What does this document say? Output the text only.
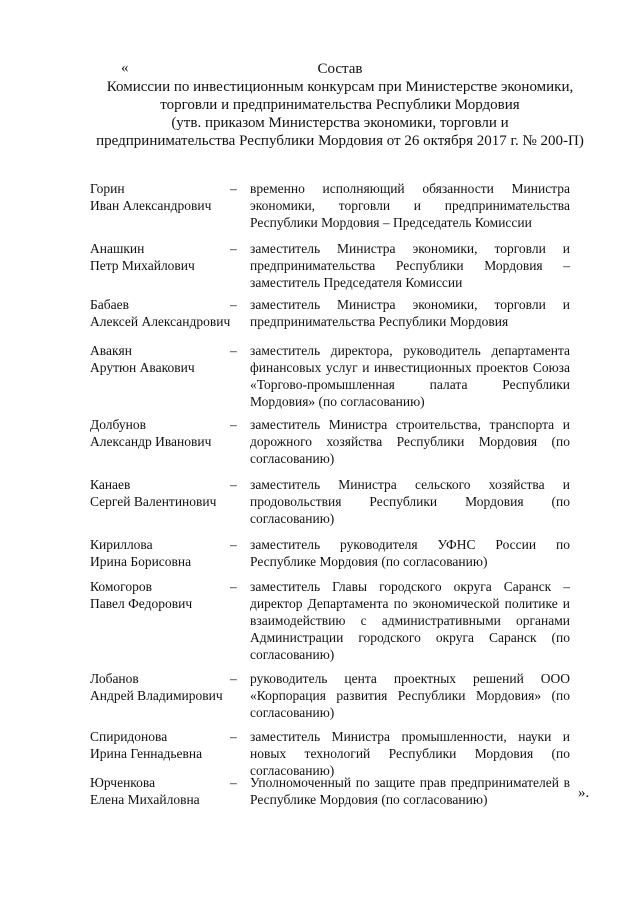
«	Состав
Комиссии по инвестиционным конкурсам при Министерстве экономики,
торговли и предпринимательства Республики Мордовия
(утв. приказом Министерства экономики, торговли и
предпринимательства Республики Мордовия от 26 октября 2017 г. № 200-П)
Горин
Иван Александрович
– временно исполняющий обязанности Министра экономики, торговли и предпринимательства Республики Мордовия – Председатель Комиссии
Анашкин
Петр Михайлович
– заместитель Министра экономики, торговли и предпринимательства Республики Мордовия – заместитель Председателя Комиссии
Бабаев
Алексей Александрович
– заместитель Министра экономики, торговли и предпринимательства Республики Мордовия
Авакян
Арутюн Авакович
– заместитель директора, руководитель департамента финансовых услуг и инвестиционных проектов Союза «Торгово-промышленная палата Республики Мордовия» (по согласованию)
Долбунов
Александр Иванович
– заместитель Министра строительства, транспорта и дорожного хозяйства Республики Мордовия (по согласованию)
Канаев
Сергей Валентинович
– заместитель Министра сельского хозяйства и продовольствия Республики Мордовия (по согласованию)
Кириллова
Ирина Борисовна
– заместитель руководителя УФНС России по Республике Мордовия (по согласованию)
Комогоров
Павел Федорович
– заместитель Главы городского округа Саранск – директор Департамента по экономической политике и взаимодействию с административными органами Администрации городского округа Саранск (по согласованию)
Лобанов
Андрей Владимирович
– руководитель цента проектных решений ООО «Корпорация развития Республики Мордовия» (по согласованию)
Спиридонова
Ирина Геннадьевна
– заместитель Министра промышленности, науки и новых технологий Республики Мордовия (по согласованию)
Юрченкова
Елена Михайловна
– Уполномоченный по защите прав предпринимателей в Республике Мордовия (по согласованию)	».
